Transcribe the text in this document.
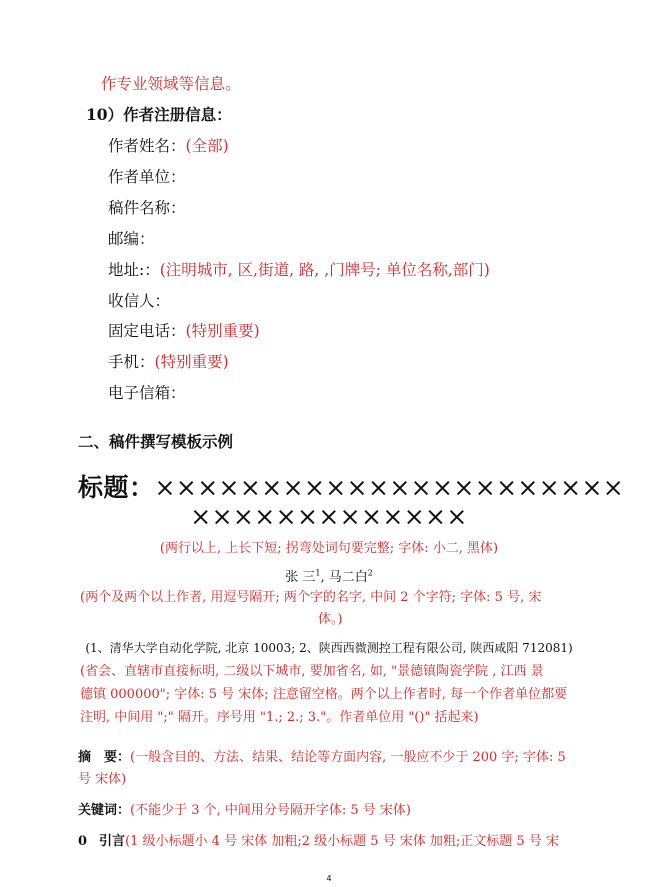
作专业领域等信息。
10）作者注册信息：
作者姓名：(全部)
作者单位：
稿件名称：
邮编：
地址:：(注明城市, 区,街道, 路, ,门牌号; 单位名称,部门)
收信人：
固定电话：(特别重要)
手机：(特别重要)
电子信箱：
二、稿件撰写模板示例
标题：××××××××××××××××××××××
×××××××××××××
(两行以上, 上长下短; 拐弯处词句要完整; 字体: 小二, 黑体)
张 三$^1$, 马二白$^2$
(两个及两个以上作者, 用逗号隔开; 两个字的名字, 中间 2 个字符; 字体: 5 号, 宋
体。)
(1、清华大学自动化学院, 北京 10003; 2、陕西西微测控工程有限公司, 陕西咸阳 712081)
(省会、直辖市直接标明, 二级以下城市, 要加省名, 如, "景德镇陶瓷学院 , 江西 景
德镇 000000"; 字体: 5 号 宋体; 注意留空格。两个以上作者时, 每一个作者单位都要
注明, 中间用 ";" 隔开。序号用 "1.; 2.; 3."。作者单位用 "()" 括起来)
摘　要：(一般含目的、方法、结果、结论等方面内容, 一般应不少于 200 字; 字体: 5
号 宋体)
关键词：(不能少于 3 个, 中间用分号隔开字体: 5 号 宋体)
0 引言(1 级小标题小 4 号 宋体 加粗;2 级小标题 5 号 宋体 加粗;正文标题 5 号 宋
4
